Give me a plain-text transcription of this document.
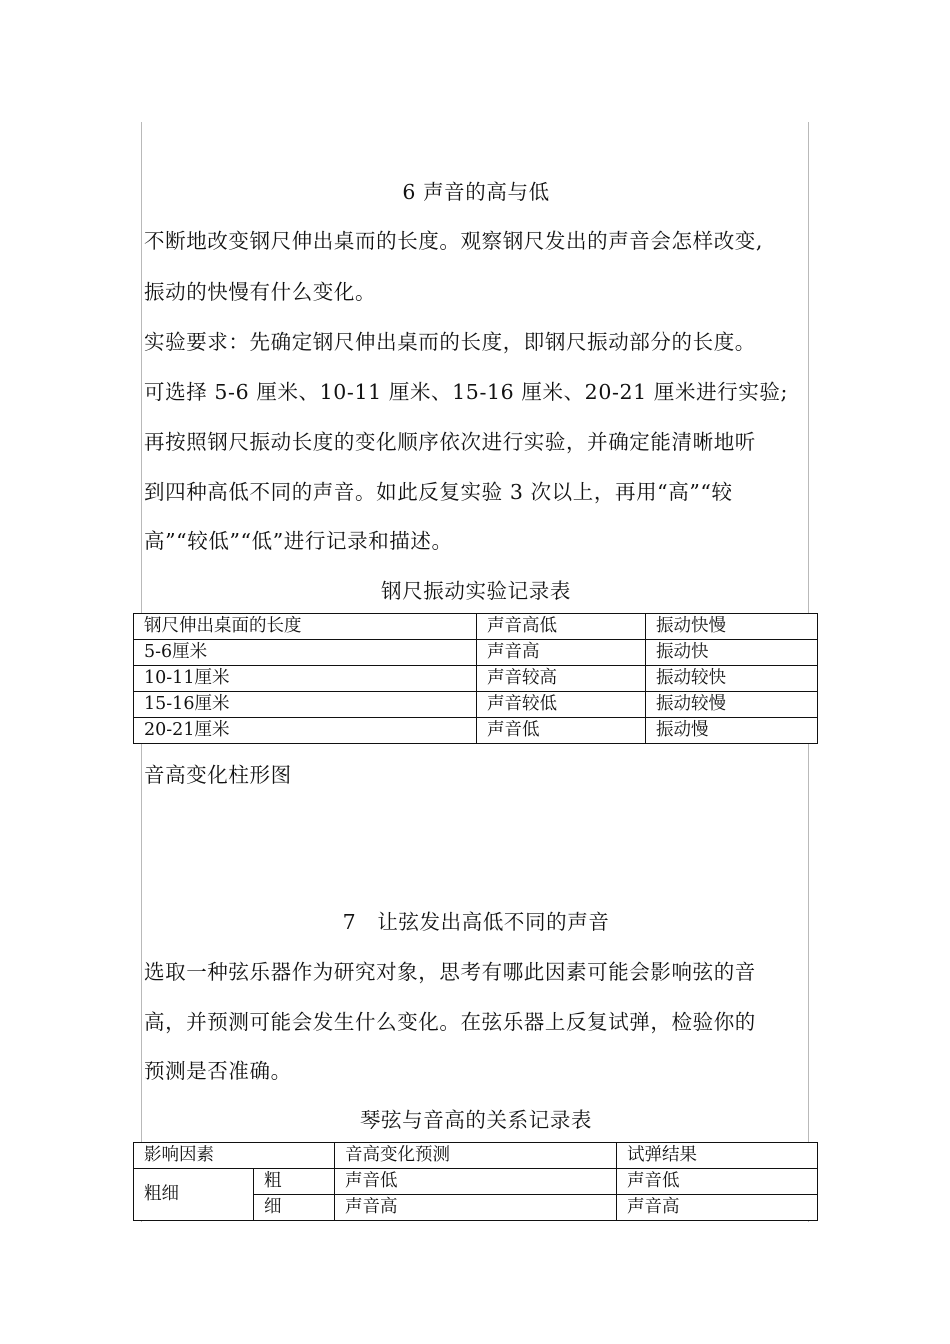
6 声音的高与低
不断地改变钢尺伸出桌而的长度。观察钢尺发出的声音会怎样改变,
振动的快慢有什么变化。
实验要求：先确定钢尺伸出桌而的长度，即钢尺振动部分的长度。
可选择 5-6 厘米、10-11 厘米、15-16 厘米、20-21 厘米进行实验;
再按照钢尺振动长度的变化顺序依次进行实验，并确定能清晰地听
到四种高低不同的声音。如此反复实验 3 次以上，再用“高”“较
高”“较低”“低”进行记录和描述。
钢尺振动实验记录表
钢尺伸出桌面的长度	声音高低	振动快慢
5-6厘米	声音高	振动快
10-11厘米	声音较高	振动较快
15-16厘米	声音较低	振动较慢
20-21厘米	声音低	振动慢
音高变化柱形图
7　让弦发出高低不同的声音
选取一种弦乐器作为研究对象，思考有哪此因素可能会影响弦的音
高，并预测可能会发生什么变化。在弦乐器上反复试弹，检验你的
预测是否准确。
琴弦与音高的关系记录表
影响因素		音高变化预测	试弹结果
粗细	粗	声音低	声音低
	细	声音高	声音高
